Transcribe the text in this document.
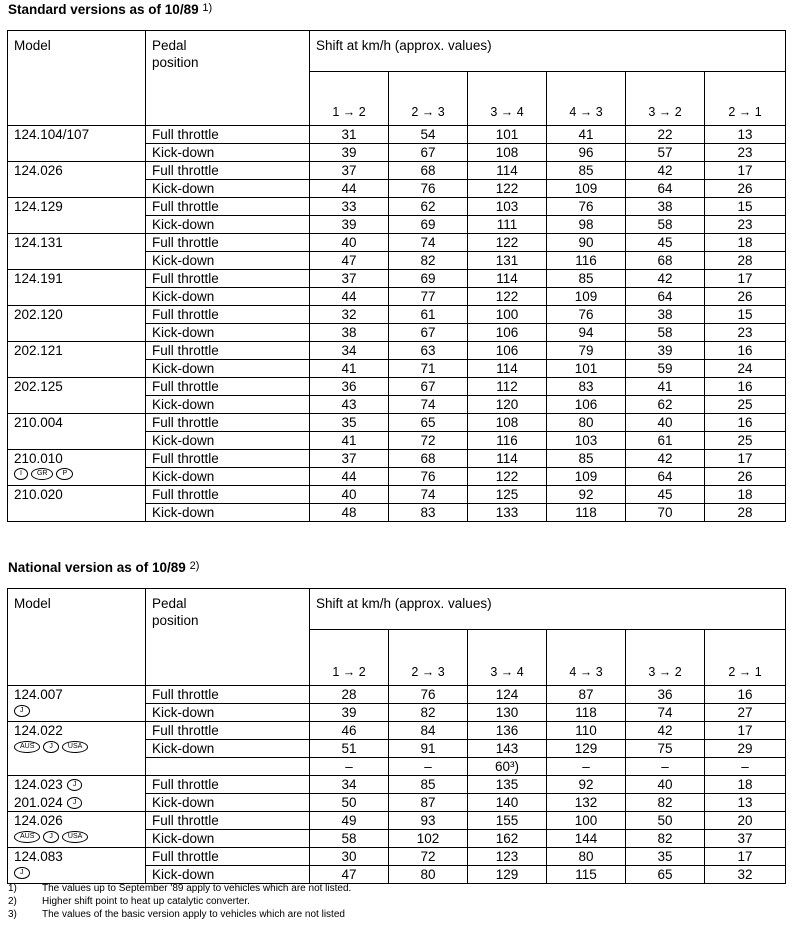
Standard versions as of 10/89 $^{1)}$
Model	Pedal
position	Shift at km/h (approx. values)					
		1 → 2	2 → 3	3 → 4	4 → 3	3 → 2	2 → 1

124.104/107	Full throttle	31	54	101	41	22	13
	Kick-down	39	67	108	96	57	23

124.026	Full throttle	37	68	114	85	42	17
	Kick-down	44	76	122	109	64	26

124.129	Full throttle	33	62	103	76	38	15
	Kick-down	39	69	111	98	58	23

124.131	Full throttle	40	74	122	90	45	18
	Kick-down	47	82	131	116	68	28

124.191	Full throttle	37	69	114	85	42	17
	Kick-down	44	77	122	109	64	26

202.120	Full throttle	32	61	100	76	38	15
	Kick-down	38	67	106	94	58	23

202.121	Full throttle	34	63	106	79	39	16
	Kick-down	41	71	114	101	59	24

202.125	Full throttle	36	67	112	83	41	16
	Kick-down	43	74	120	106	62	25

210.004	Full throttle	35	65	108	80	40	16
	Kick-down	41	72	116	103	61	25

210.010
I GR P	Full throttle	37	68	114	85	42	17
	Kick-down	44	76	122	109	64	26

210.020	Full throttle	40	74	125	92	45	18
	Kick-down	48	83	133	118	70	28
National version as of 10/89 $^{2)}$
Model	Pedal
position	Shift at km/h (approx. values)					
		1 → 2	2 → 3	3 → 4	4 → 3	3 → 2	2 → 1

124.007	Full throttle	28	76	124	87	36	16

J	Kick-down	39	82	130	118	74	27

124.022	Full throttle	46	84	136	110	42	17

AUS J USA	Kick-down	51	91	143	129	75	29

		–	–	60³)	–	–	–

124.023 J	Full throttle	34	85	135	92	40	18

201.024 J	Kick-down	50	87	140	132	82	13

124.026	Full throttle	49	93	155	100	50	20

AUS J USA	Kick-down	58	102	162	144	82	37

124.083	Full throttle	30	72	123	80	35	17

J	Kick-down	47	80	129	115	65	32
1)	The values up to September '89 apply to vehicles which are not listed.
2)	Higher shift point to heat up catalytic converter.
3)	The values of the basic version apply to vehicles which are not listed
